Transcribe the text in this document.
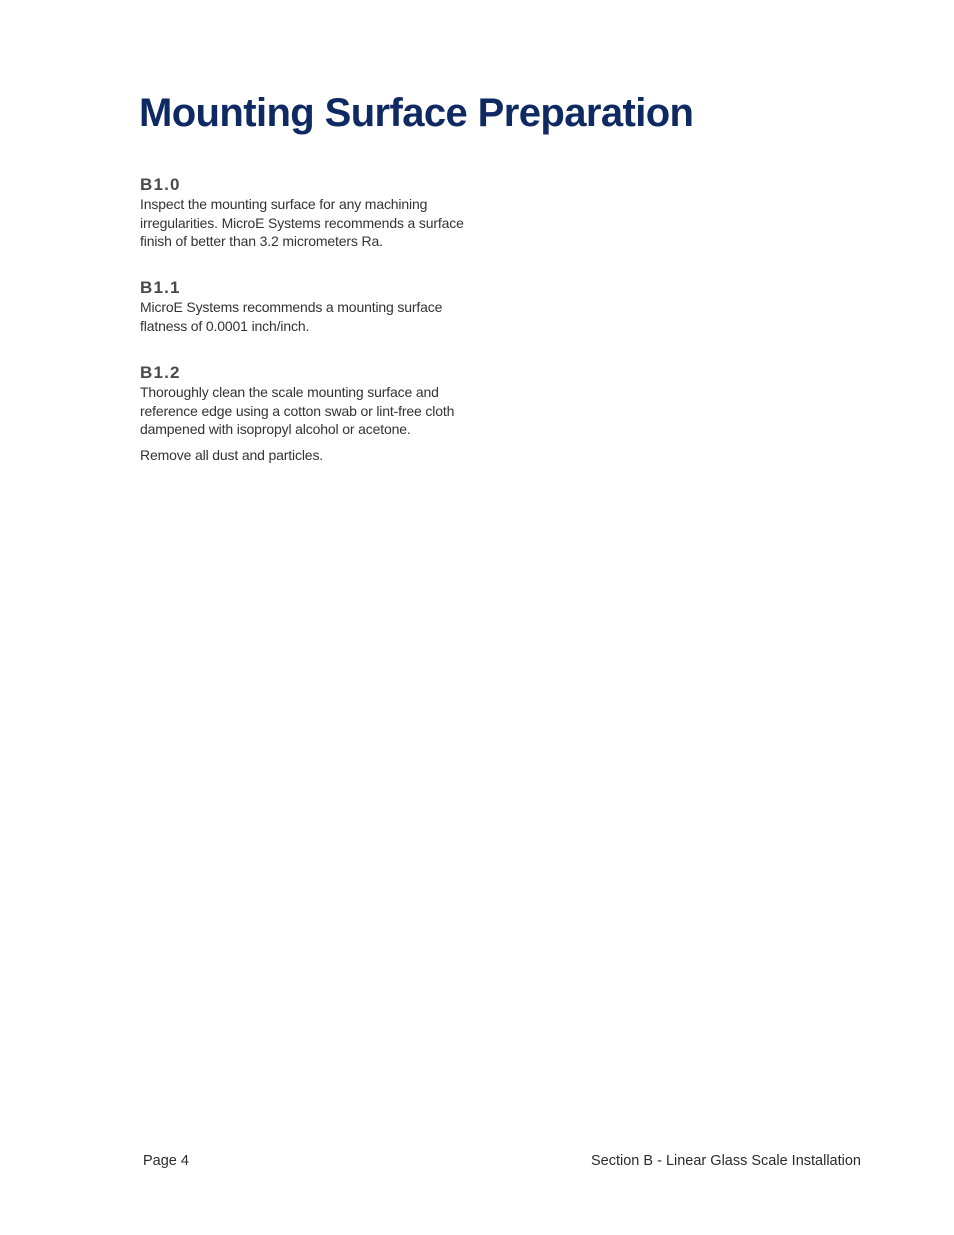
Mounting Surface Preparation
B1.0

Inspect the mounting surface for any machining irregularities. MicroE Systems recommends a surface finish of better than 3.2 micrometers Ra.

B1.1

MicroE Systems recommends a mounting surface flatness of 0.0001 inch/inch.

B1.2

Thoroughly clean the scale mounting surface and reference edge using a cotton swab or lint-free cloth dampened with isopropyl alcohol or acetone.

Remove all dust and particles.

Page 4	Section B - Linear Glass Scale Installation
